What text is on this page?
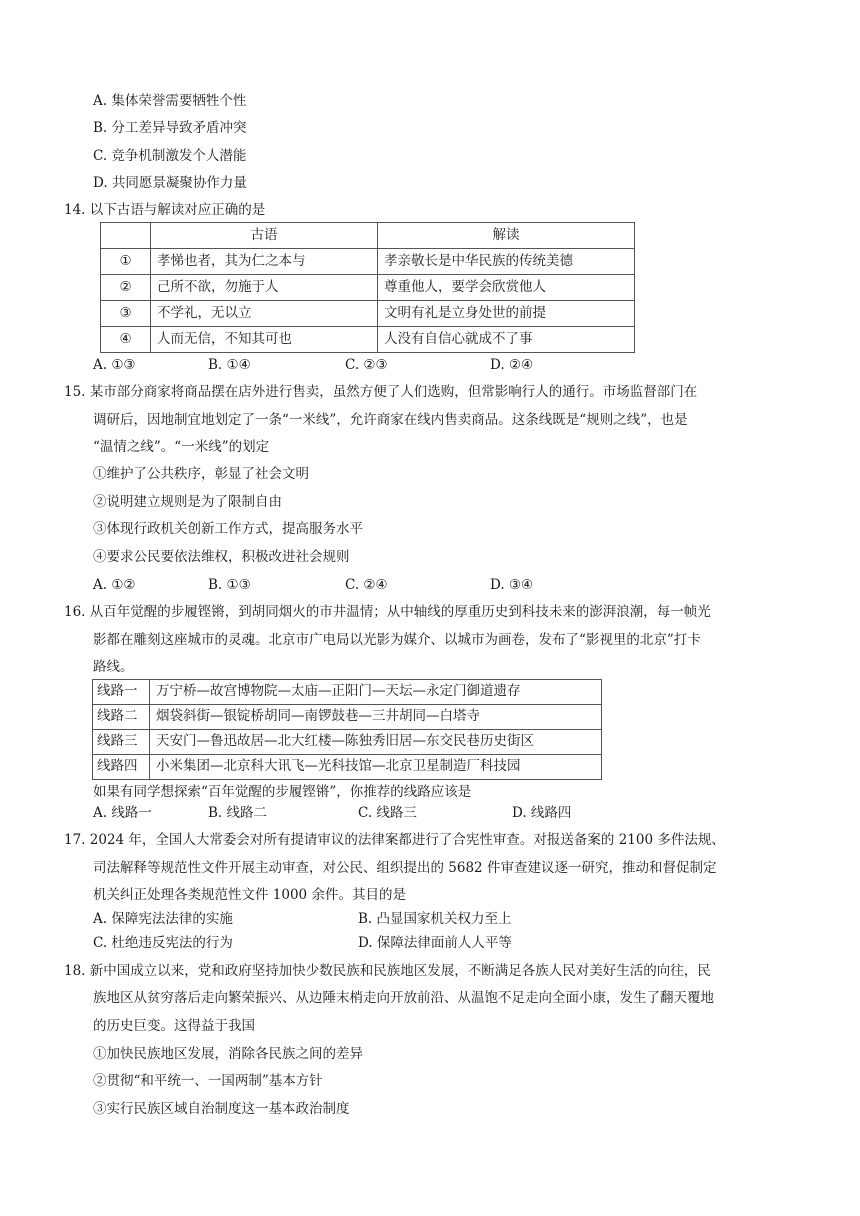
A. 集体荣誉需要牺牲个性
B. 分工差异导致矛盾冲突
C. 竞争机制激发个人潜能
D. 共同愿景凝聚协作力量
14. 以下古语与解读对应正确的是
	古语	解读
①	孝悌也者，其为仁之本与	孝亲敬长是中华民族的传统美德
②	己所不欲，勿施于人	尊重他人，要学会欣赏他人
③	不学礼，无以立	文明有礼是立身处世的前提
④	人而无信，不知其可也	人没有自信心就成不了事
A. ①③	B. ①④	C. ②③	D. ②④
15. 某市部分商家将商品摆在店外进行售卖，虽然方便了人们选购，但常影响行人的通行。市场监督部门在
调研后，因地制宜地划定了一条“一米线”，允许商家在线内售卖商品。这条线既是“规则之线”，也是
“温情之线”。“一米线”的划定
①维护了公共秩序，彰显了社会文明
②说明建立规则是为了限制自由
③体现行政机关创新工作方式，提高服务水平
④要求公民要依法维权，积极改进社会规则
A. ①②	B. ①③	C. ②④	D. ③④
16. 从百年觉醒的步履铿锵，到胡同烟火的市井温情；从中轴线的厚重历史到科技未来的澎湃浪潮，每一帧光
影都在雕刻这座城市的灵魂。北京市广电局以光影为媒介、以城市为画卷，发布了“影视里的北京”打卡
路线。
线路一	万宁桥—故宫博物院—太庙—正阳门—天坛—永定门御道遗存
线路二	烟袋斜街—银锭桥胡同—南锣鼓巷—三井胡同—白塔寺
线路三	天安门—鲁迅故居—北大红楼—陈独秀旧居—东交民巷历史街区
线路四	小米集团—北京科大讯飞—光科技馆—北京卫星制造厂科技园
如果有同学想探索“百年觉醒的步履铿锵”，你推荐的线路应该是
A. 线路一	B. 线路二	C. 线路三	D. 线路四
17. 2024 年，全国人大常委会对所有提请审议的法律案都进行了合宪性审查。对报送备案的 2100 多件法规、
司法解释等规范性文件开展主动审查，对公民、组织提出的 5682 件审查建议逐一研究，推动和督促制定
机关纠正处理各类规范性文件 1000 余件。其目的是
A. 保障宪法法律的实施	B. 凸显国家机关权力至上
C. 杜绝违反宪法的行为	D. 保障法律面前人人平等
18. 新中国成立以来，党和政府坚持加快少数民族和民族地区发展，不断满足各族人民对美好生活的向往，民
族地区从贫穷落后走向繁荣振兴、从边陲末梢走向开放前沿、从温饱不足走向全面小康，发生了翻天覆地
的历史巨变。这得益于我国
①加快民族地区发展，消除各民族之间的差异
②贯彻“和平统一、一国两制”基本方针
③实行民族区域自治制度这一基本政治制度
